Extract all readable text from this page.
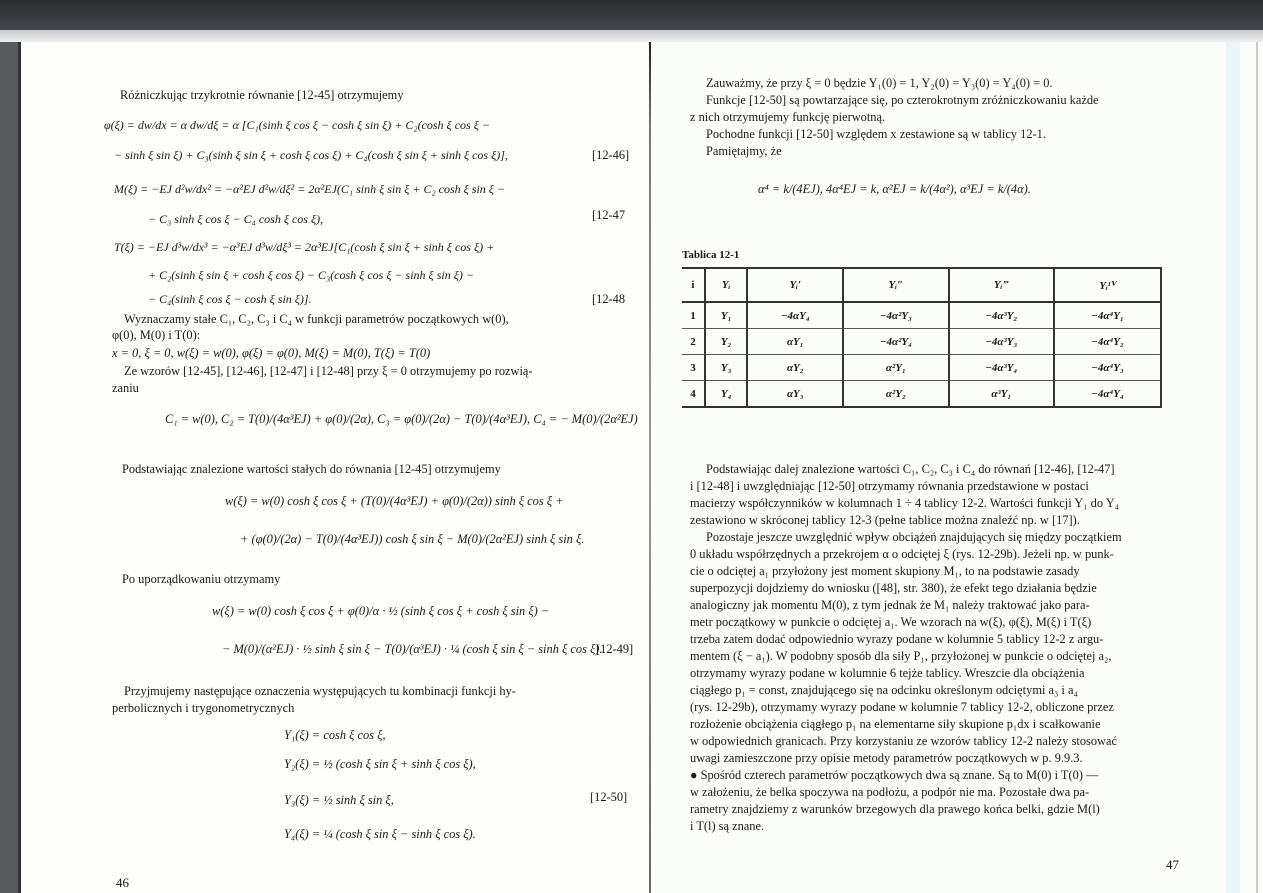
Różniczkując trzykrotnie równanie [12-45] otrzymujemy
φ(ξ) = dw/dx = α dw/dξ = α [C₁(sinh ξ cos ξ − cosh ξ sin ξ) + C₂(cosh ξ cos ξ −
− sinh ξ sin ξ) + C₃(sinh ξ sin ξ + cosh ξ cos ξ) + C₄(cosh ξ sin ξ + sinh ξ cos ξ)],	[12-46]
M(ξ) = −EJ d²w/dx² = −α²EJ d²w/dξ² = 2α²EJ(C₁ sinh ξ sin ξ + C₂ cosh ξ sin ξ −
− C₃ sinh ξ cos ξ − C₄ cosh ξ cos ξ),	[12-47
T(ξ) = −EJ d³w/dx³ = −α³EJ d³w/dξ³ = 2α³EJ[C₁(cosh ξ sin ξ + sinh ξ cos ξ) +
+ C₂(sinh ξ sin ξ + cosh ξ cos ξ) − C₃(cosh ξ cos ξ − sinh ξ sin ξ) −
− C₄(sinh ξ cos ξ − cosh ξ sin ξ)].	[12-48
Wyznaczamy stałe C₁, C₂, C₃ i C₄ w funkcji parametrów początkowych w(0),
φ(0), M(0) i T(0):
x = 0, ξ = 0, w(ξ) = w(0), φ(ξ) = φ(0), M(ξ) = M(0), T(ξ) = T(0)
Ze wzorów [12-45], [12-46], [12-47] i [12-48] przy ξ = 0 otrzymujemy po rozwią-
zaniu
C₁ = w(0), C₂ = T(0)/(4α³EJ) + φ(0)/(2α), C₃ = φ(0)/(2α) − T(0)/(4α³EJ), C₄ = − M(0)/(2α²EJ)
Podstawiając znalezione wartości stałych do równania [12-45] otrzymujemy
w(ξ) = w(0) cosh ξ cos ξ + (T(0)/(4α³EJ) + φ(0)/(2α)) sinh ξ cos ξ +
+ (φ(0)/(2α) − T(0)/(4α³EJ)) cosh ξ sin ξ − M(0)/(2α²EJ) sinh ξ sin ξ.
Po uporządkowaniu otrzymamy
w(ξ) = w(0) cosh ξ cos ξ + φ(0)/α · ½ (sinh ξ cos ξ + cosh ξ sin ξ) −
− M(0)/(α²EJ) · ½ sinh ξ sin ξ − T(0)/(α³EJ) · ¼ (cosh ξ sin ξ − sinh ξ cos ξ).
[12-49]
Przyjmujemy następujące oznaczenia występujących tu kombinacji funkcji hy-
perbolicznych i trygonometrycznych
Y₁(ξ) = cosh ξ cos ξ,
Y₂(ξ) = ½ (cosh ξ sin ξ + sinh ξ cos ξ),
Y₃(ξ) = ½ sinh ξ sin ξ,
Y₄(ξ) = ¼ (cosh ξ sin ξ − sinh ξ cos ξ).
[12-50]
46
Zauważmy, że przy ξ = 0 będzie Y₁(0) = 1, Y₂(0) = Y₃(0) = Y₄(0) = 0.
Funkcje [12-50] są powtarzające się, po czterokrotnym zróżniczkowaniu każde
z nich otrzymujemy funkcję pierwotną.
Pochodne funkcji [12-50] względem x zestawione są w tablicy 12-1.
Pamiętajmy, że
α⁴ = k/(4EJ), 4α⁴EJ = k, α²EJ = k/(4α²), α³EJ = k/(4α).
Tablica 12-1
i	Yᵢ	Yᵢ′	Yᵢ″	Yᵢ‴	Yᵢᴵⱽ
1	Y₁	−4αY₄	−4α²Y₃	−4α³Y₂	−4α⁴Y₁
2	Y₂	αY₁	−4α²Y₄	−4α³Y₃	−4α⁴Y₂
3	Y₃	αY₂	α²Y₁	−4α³Y₄	−4α⁴Y₃
4	Y₄	αY₃	α²Y₂	α³Y₁	−4α⁴Y₄
Podstawiając dalej znalezione wartości C₁, C₂, C₃ i C₄ do równań [12-46], [12-47]
i [12-48] i uwzględniając [12-50] otrzymamy równania przedstawione w postaci
macierzy współczynników w kolumnach 1 ÷ 4 tablicy 12-2. Wartości funkcji Y₁ do Y₄
zestawiono w skróconej tablicy 12-3 (pełne tablice można znaleźć np. w [17]).
Pozostaje jeszcze uwzględnić wpływ obciążeń znajdujących się między początkiem
0 układu współrzędnych a przekrojem α o odciętej ξ (rys. 12-29b). Jeżeli np. w punk-
cie o odciętej a₁ przyłożony jest moment skupiony M₁, to na podstawie zasady
superpozycji dojdziemy do wniosku ([48], str. 380), że efekt tego działania będzie
analogiczny jak momentu M(0), z tym jednak że M₁ należy traktować jako para-
metr początkowy w punkcie o odciętej a₁. We wzorach na w(ξ), φ(ξ), M(ξ) i T(ξ)
trzeba zatem dodać odpowiednio wyrazy podane w kolumnie 5 tablicy 12-2 z argu-
mentem (ξ − a₁). W podobny sposób dla siły P₁, przyłożonej w punkcie o odciętej a₂,
otrzymamy wyrazy podane w kolumnie 6 tejże tablicy. Wreszcie dla obciążenia
ciągłego p₁ = const, znajdującego się na odcinku określonym odciętymi a₃ i a₄
(rys. 12-29b), otrzymamy wyrazy podane w kolumnie 7 tablicy 12-2, obliczone przez
rozłożenie obciążenia ciągłego p₁ na elementarne siły skupione p₁dx i scałkowanie
w odpowiednich granicach. Przy korzystaniu ze wzorów tablicy 12-2 należy stosować
uwagi zamieszczone przy opisie metody parametrów początkowych w p. 9.9.3.
● Spośród czterech parametrów początkowych dwa są znane. Są to M(0) i T(0) —
w założeniu, że belka spoczywa na podłożu, a podpór nie ma. Pozostałe dwa pa-
rametry znajdziemy z warunków brzegowych dla prawego końca belki, gdzie M(l)
i T(l) są znane.
47
